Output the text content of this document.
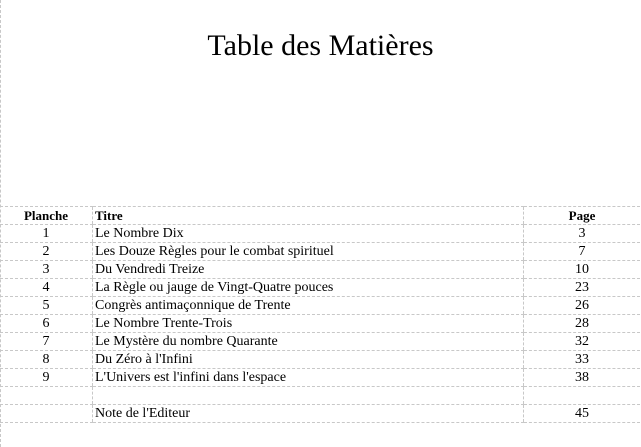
Table des Matières
Planche	Titre	Page
1	Le Nombre Dix	3
2	Les Douze Règles pour le combat spirituel	7
3	Du Vendredi Treize	10
4	La Règle ou jauge de Vingt-Quatre pouces	23
5	Congrès antimaçonnique de Trente	26
6	Le Nombre Trente-Trois	28
7	Le Mystère du nombre Quarante	32
8	Du Zéro à l'Infini	33
9	L'Univers est l'infini dans l'espace	38

	Note de l'Editeur	45
